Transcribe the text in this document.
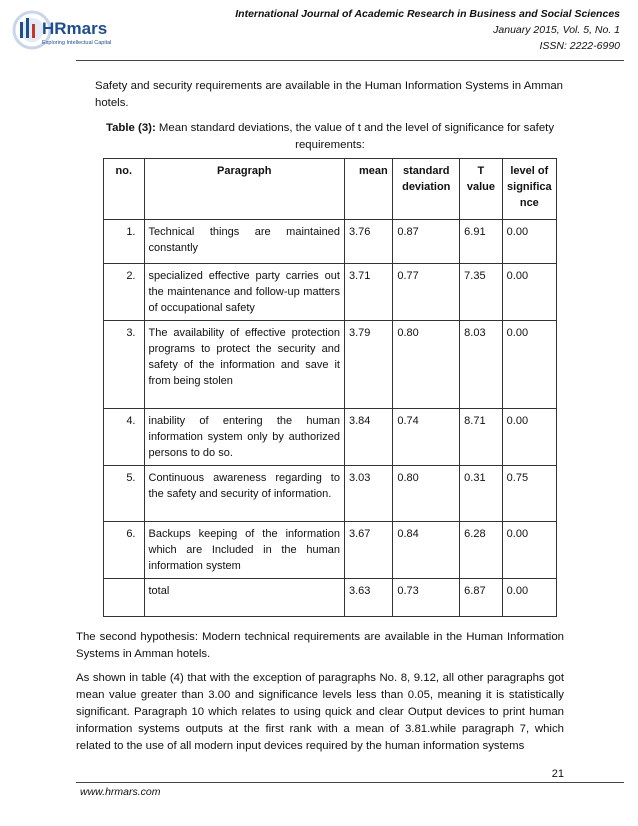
HRmars
Exploring Intellectual Capital
International Journal of Academic Research in Business and Social Sciences
January 2015, Vol. 5, No. 1
ISSN: 2222-6990
Safety and security requirements are available in the Human Information Systems in Amman hotels.
Table (3): Mean standard deviations, the value of t and the level of significance for safety requirements:
no.	Paragraph	mean	standard deviation	T value	level of significa nce
1.	Technical things are maintained constantly	3.76	0.87	6.91	0.00
2.	specialized effective party carries out the maintenance and follow-up matters of occupational safety	3.71	0.77	7.35	0.00
3.	The availability of effective protection programs to protect the security and safety of the information and save it from being stolen	3.79	0.80	8.03	0.00
4.	inability of entering the human information system only by authorized persons to do so.	3.84	0.74	8.71	0.00
5.	Continuous awareness regarding to the safety and security of information.	3.03	0.80	0.31	0.75
6.	Backups keeping of the information which are Included in the human information system	3.67	0.84	6.28	0.00
	total	3.63	0.73	6.87	0.00
The second hypothesis: Modern technical requirements are available in the Human Information Systems in Amman hotels.
As shown in table (4) that with the exception of paragraphs No. 8, 9.12, all other paragraphs got mean value greater than 3.00 and significance levels less than 0.05, meaning it is statistically significant. Paragraph 10 which relates to using quick and clear Output devices to print human information systems outputs at the first rank with a mean of 3.81.while paragraph 7, which related to the use of all modern input devices required by the human information systems
21
www.hrmars.com
